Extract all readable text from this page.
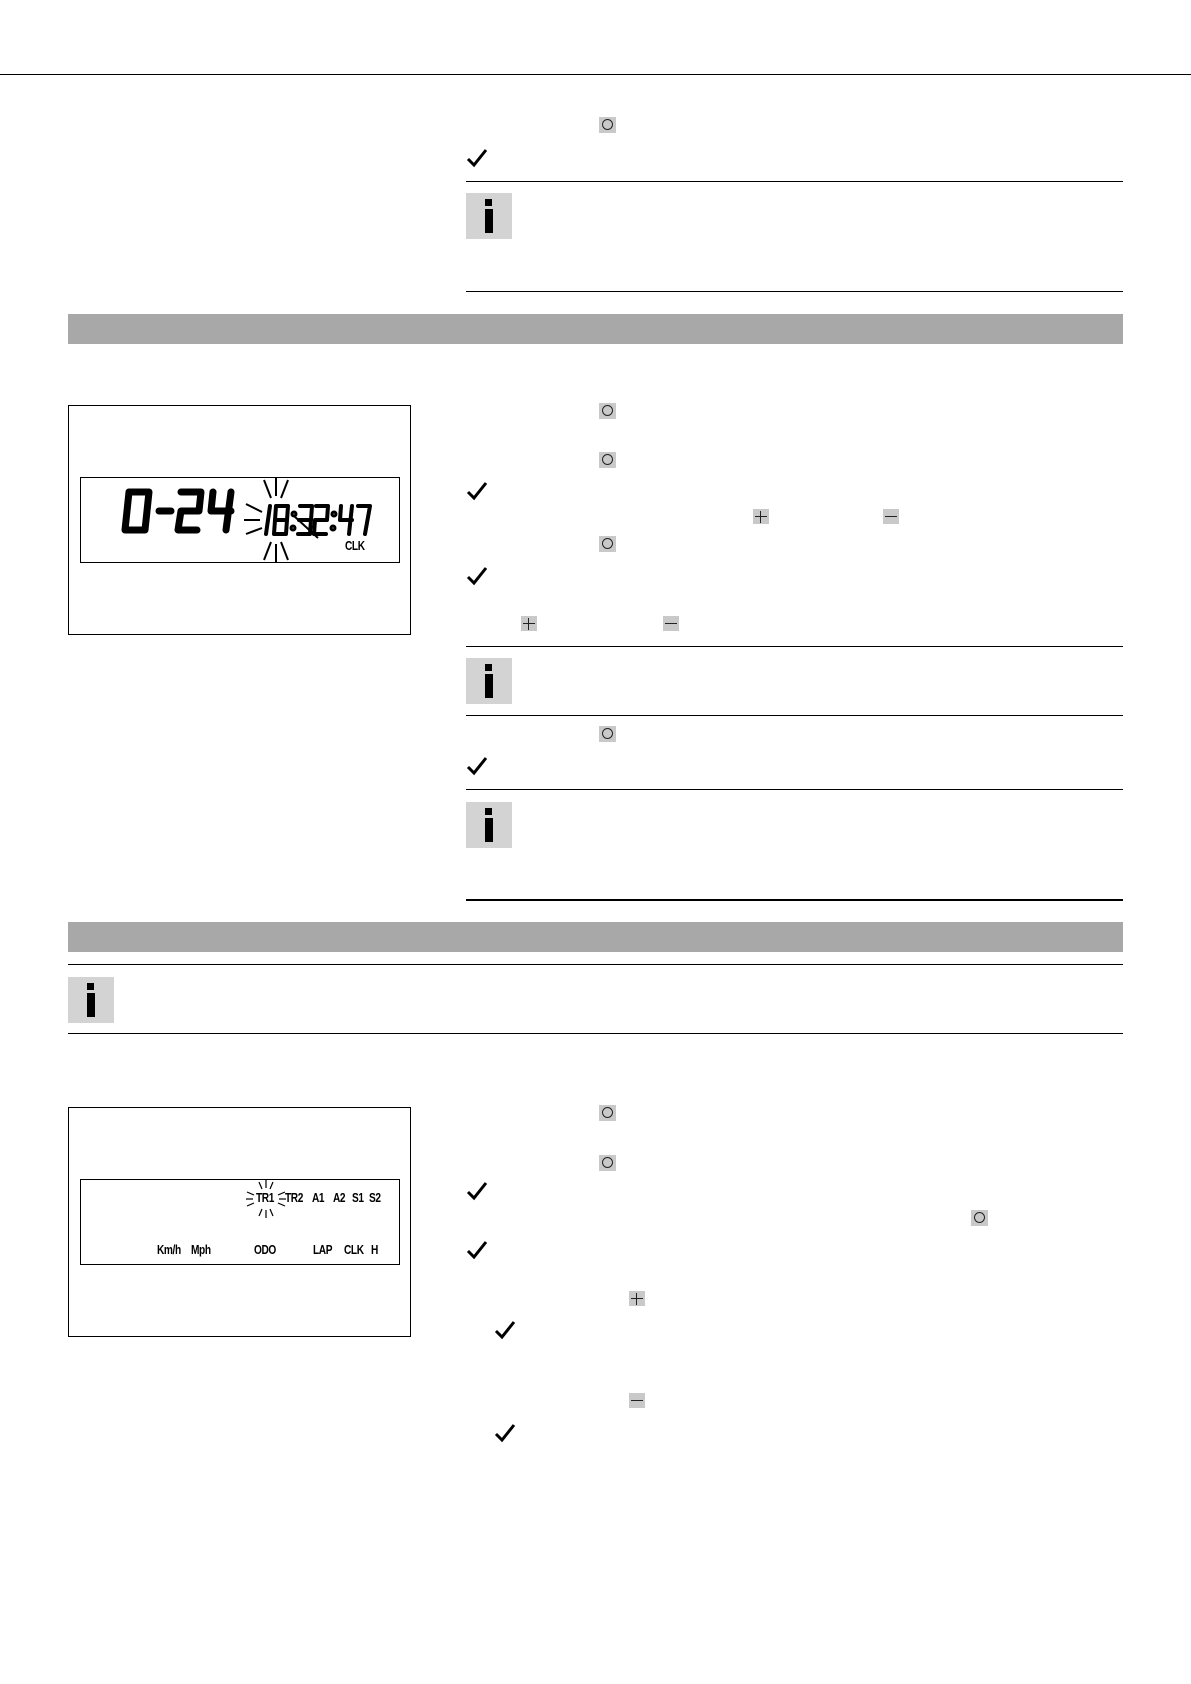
CLK
TR1 TR2 A1 A2 S1 S2
Km/h Mph	ODO	LAP CLK H
